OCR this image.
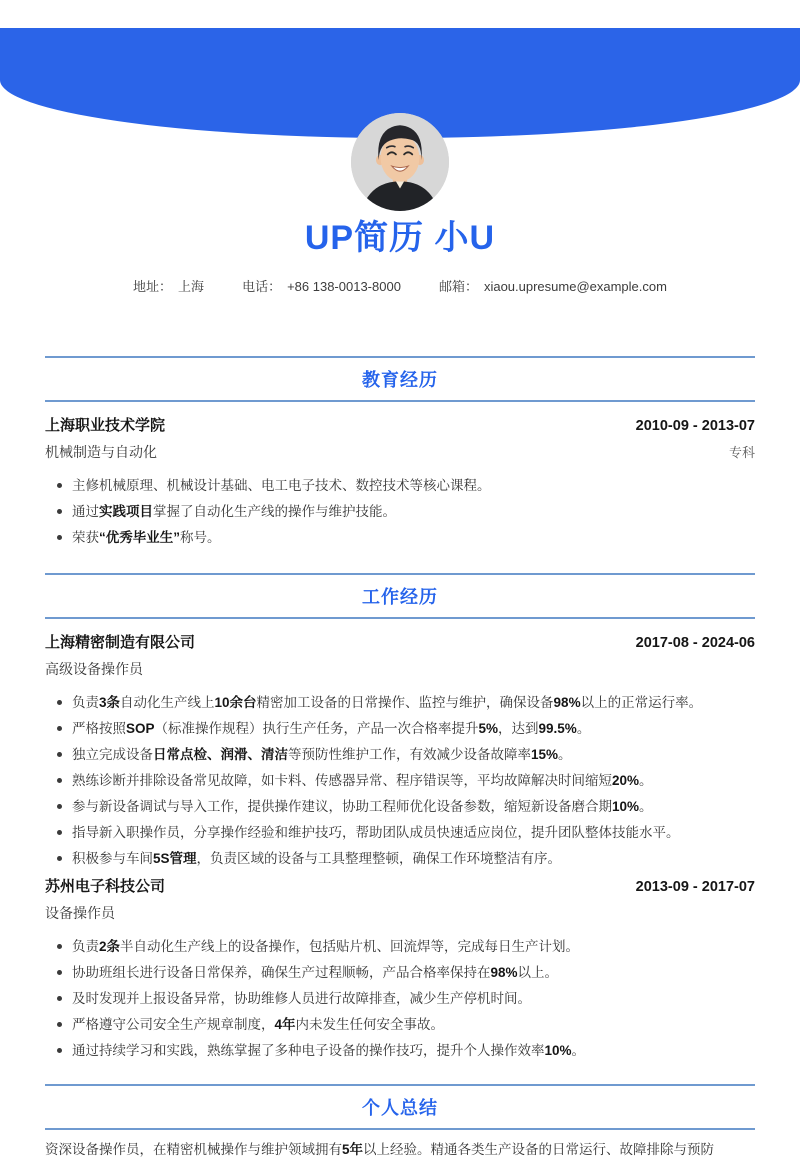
UP简历 小U
地址： 上海	电话： +86 138-0013-8000	邮箱： xiaou.upresume@example.com
教育经历
上海职业技术学院	2010-09 - 2013-07
机械制造与自动化	专科
主修机械原理、机械设计基础、电工电子技术、数控技术等核心课程。
通过实践项目掌握了自动化生产线的操作与维护技能。
荣获“优秀毕业生”称号。
工作经历
上海精密制造有限公司	2017-08 - 2024-06
高级设备操作员
负责3条自动化生产线上10余台精密加工设备的日常操作、监控与维护，确保设备98%以上的正常运行率。
严格按照SOP（标准操作规程）执行生产任务，产品一次合格率提升5%，达到99.5%。
独立完成设备日常点检、润滑、清洁等预防性维护工作，有效减少设备故障率15%。
熟练诊断并排除设备常见故障，如卡料、传感器异常、程序错误等，平均故障解决时间缩短20%。
参与新设备调试与导入工作，提供操作建议，协助工程师优化设备参数，缩短新设备磨合期10%。
指导新入职操作员，分享操作经验和维护技巧，帮助团队成员快速适应岗位，提升团队整体技能水平。
积极参与车间5S管理，负责区域的设备与工具整理整顿，确保工作环境整洁有序。
苏州电子科技公司	2013-09 - 2017-07
设备操作员
负责2条半自动化生产线上的设备操作，包括贴片机、回流焊等，完成每日生产计划。
协助班组长进行设备日常保养，确保生产过程顺畅，产品合格率保持在98%以上。
及时发现并上报设备异常，协助维修人员进行故障排查，减少生产停机时间。
严格遵守公司安全生产规章制度，4年内未发生任何安全事故。
通过持续学习和实践，熟练掌握了多种电子设备的操作技巧，提升个人操作效率10%。
个人总结

资深设备操作员，在精密机械操作与维护领域拥有5年以上经验。精通各类生产设备的日常运行、故障排除与预防
